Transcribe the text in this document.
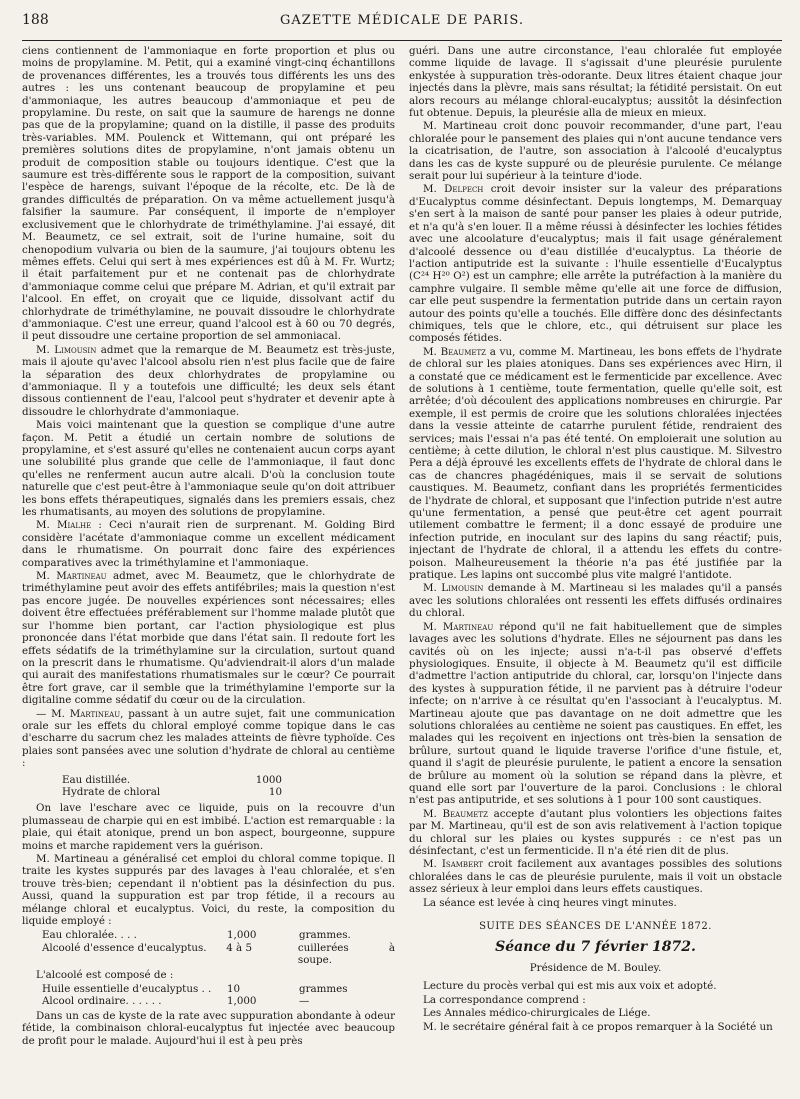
188	GAZETTE MÉDICALE DE PARIS.

ciens contiennent de l'ammoniaque en forte proportion et plus ou moins de propylamine. M. Petit, qui a examiné vingt-cinq échantillons de provenances différentes, les a trouvés tous différents les uns des autres : les uns contenant beaucoup de propylamine et peu d'ammoniaque, les autres beaucoup d'ammoniaque et peu de propylamine. Du reste, on sait que la saumure de harengs ne donne pas que de la propylamine; quand on la distille, il passe des produits très-variables. MM. Poulenck et Wittemann, qui ont préparé les premières solutions dites de propylamine, n'ont jamais obtenu un produit de composition stable ou toujours identique. C'est que la saumure est très-différente sous le rapport de la composition, suivant l'espèce de harengs, suivant l'époque de la récolte, etc. De là de grandes difficultés de préparation. On va même actuellement jusqu'à falsifier la saumure. Par conséquent, il importe de n'employer exclusivement que le chlorhydrate de triméthylamine. J'ai essayé, dit M. Beaumetz, ce sel extrait, soit de l'urine humaine, soit du chenopodium vulvaria ou bien de la saumure, j'ai toujours obtenu les mêmes effets. Celui qui sert à mes expériences est dû à M. Fr. Wurtz; il était parfaitement pur et ne contenait pas de chlorhydrate d'ammoniaque comme celui que prépare M. Adrian, et qu'il extrait par l'alcool. En effet, on croyait que ce liquide, dissolvant actif du chlorhydrate de triméthylamine, ne pouvait dissoudre le chlorhydrate d'ammoniaque. C'est une erreur, quand l'alcool est à 60 ou 70 degrés, il peut dissoudre une certaine proportion de sel ammoniacal.

M. Limousin admet que la remarque de M. Beaumetz est très-juste, mais il ajoute qu'avec l'alcool absolu rien n'est plus facile que de faire la séparation des deux chlorhydrates de propylamine ou d'ammoniaque. Il y a toutefois une difficulté; les deux sels étant dissous contiennent de l'eau, l'alcool peut s'hydrater et devenir apte à dissoudre le chlorhydrate d'ammoniaque.

Mais voici maintenant que la question se complique d'une autre façon. M. Petit a étudié un certain nombre de solutions de propylamine, et s'est assuré qu'elles ne contenaient aucun corps ayant une solubilité plus grande que celle de l'ammoniaque, il faut donc qu'elles ne renferment aucun autre alcali. D'où la conclusion toute naturelle que c'est peut-être à l'ammoniaque seule qu'on doit attribuer les bons effets thérapeutiques, signalés dans les premiers essais, chez les rhumatisants, au moyen des solutions de propylamine.

M. Mialhe : Ceci n'aurait rien de surprenant. M. Golding Bird considère l'acétate d'ammoniaque comme un excellent médicament dans le rhumatisme. On pourrait donc faire des expériences comparatives avec la triméthylamine et l'ammoniaque.

M. Martineau admet, avec M. Beaumetz, que le chlorhydrate de triméthylamine peut avoir des effets antifébriles; mais la question n'est pas encore jugée. De nouvelles expériences sont nécessaires; elles doivent être effectuées préférablement sur l'homme malade plutôt que sur l'homme bien portant, car l'action physiologique est plus prononcée dans l'état morbide que dans l'état sain. Il redoute fort les effets sédatifs de la triméthylamine sur la circulation, surtout quand on la prescrit dans le rhumatisme. Qu'adviendrait-il alors d'un malade qui aurait des manifestations rhumatismales sur le cœur? Ce pourrait être fort grave, car il semble que la triméthylamine l'emporte sur la digitaline comme sédatif du cœur ou de la circulation.

— M. Martineau, passant à un autre sujet, fait une communication orale sur les effets du chloral employé comme topique dans le cas d'escharre du sacrum chez les malades atteints de fièvre typhoïde. Ces plaies sont pansées avec une solution d'hydrate de chloral au centième :

Eau distillée.	1000
Hydrate de chloral	10

On lave l'eschare avec ce liquide, puis on la recouvre d'un plumasseau de charpie qui en est imbibé. L'action est remarquable : la plaie, qui était atonique, prend un bon aspect, bourgeonne, suppure moins et marche rapidement vers la guérison.

M. Martineau a généralisé cet emploi du chloral comme topique. Il traite les kystes suppurés par des lavages à l'eau chloralée, et s'en trouve très-bien; cependant il n'obtient pas la désinfection du pus. Aussi, quand la suppuration est par trop fétide, il a recours au mélange chloral et eucalyptus. Voici, du reste, la composition du liquide employé :

Eau chloralée. . . .	1,000	grammes.
Alcoolé d'essence d'eucalyptus.	4 à 5	cuillerées à soupe.

L'alcoolé est composé de :

Huile essentielle d'eucalyptus . .	10	grammes
Alcool ordinaire. . . . . .	1,000	—

Dans un cas de kyste de la rate avec suppuration abondante à odeur fétide, la combinaison chloral-eucalyptus fut injectée avec beaucoup de profit pour le malade. Aujourd'hui il est à peu près

guéri. Dans une autre circonstance, l'eau chloralée fut employée comme liquide de lavage. Il s'agissait d'une pleurésie purulente enkystée à suppuration très-odorante. Deux litres étaient chaque jour injectés dans la plèvre, mais sans résultat; la fétidité persistait. On eut alors recours au mélange chloral-eucalyptus; aussitôt la désinfection fut obtenue. Depuis, la pleurésie alla de mieux en mieux.

M. Martineau croit donc pouvoir recommander, d'une part, l'eau chloralée pour le pansement des plaies qui n'ont aucune tendance vers la cicatrisation, de l'autre, son association à l'alcoolé d'eucalyptus dans les cas de kyste suppuré ou de pleurésie purulente. Ce mélange serait pour lui supérieur à la teinture d'iode.

M. Delpech croit devoir insister sur la valeur des préparations d'Eucalyptus comme désinfectant. Depuis longtemps, M. Demarquay s'en sert à la maison de santé pour panser les plaies à odeur putride, et n'a qu'à s'en louer. Il a même réussi à désinfecter les lochies fétides avec une alcoolature d'eucalyptus; mais il fait usage généralement d'alcoolé dessence ou d'eau distillée d'eucalyptus. La théorie de l'action antiputride est la suivante : l'huile essentielle d'Eucalyptus (C²⁴ H²⁰ O²) est un camphre; elle arrête la putréfaction à la manière du camphre vulgaire. Il semble même qu'elle ait une force de diffusion, car elle peut suspendre la fermentation putride dans un certain rayon autour des points qu'elle a touchés. Elle diffère donc des désinfectants chimiques, tels que le chlore, etc., qui détruisent sur place les composés fétides.

M. Beaumetz a vu, comme M. Martineau, les bons effets de l'hydrate de chloral sur les plaies atoniques. Dans ses expériences avec Hirn, il a constaté que ce médicament est le fermenticide par excellence. Avec de solutions à 1 centième, toute fermentation, quelle qu'elle soit, est arrêtée; d'où découlent des applications nombreuses en chirurgie. Par exemple, il est permis de croire que les solutions chloralées injectées dans la vessie atteinte de catarrhe purulent fétide, rendraient des services; mais l'essai n'a pas été tenté. On emploierait une solution au centième; à cette dilution, le chloral n'est plus caustique. M. Silvestro Pera a déjà éprouvé les excellents effets de l'hydrate de chloral dans le cas de chancres phagédéniques, mais il se servait de solutions caustiques. M. Beaumetz, confiant dans les propriétés fermenticides de l'hydrate de chloral, et supposant que l'infection putride n'est autre qu'une fermentation, a pensé que peut-être cet agent pourrait utilement combattre le ferment; il a donc essayé de produire une infection putride, en inoculant sur des lapins du sang réactif; puis, injectant de l'hydrate de chloral, il a attendu les effets du contre-poison. Malheureusement la théorie n'a pas été justifiée par la pratique. Les lapins ont succombé plus vite malgré l'antidote.

M. Limousin demande à M. Martineau si les malades qu'il a pansés avec les solutions chloralées ont ressenti les effets diffusés ordinaires du chloral.

M. Martineau répond qu'il ne fait habituellement que de simples lavages avec les solutions d'hydrate. Elles ne séjournent pas dans les cavités où on les injecte; aussi n'a-t-il pas observé d'effets physiologiques. Ensuite, il objecte à M. Beaumetz qu'il est difficile d'admettre l'action antiputride du chloral, car, lorsqu'on l'injecte dans des kystes à suppuration fétide, il ne parvient pas à détruire l'odeur infecte; on n'arrive à ce résultat qu'en l'associant à l'eucalyptus. M. Martineau ajoute que pas davantage on ne doit admettre que les solutions chloralées au centième ne soient pas caustiques. En effet, les malades qui les reçoivent en injections ont très-bien la sensation de brûlure, surtout quand le liquide traverse l'orifice d'une fistule, et, quand il s'agit de pleurésie purulente, le patient a encore la sensation de brûlure au moment où la solution se répand dans la plèvre, et quand elle sort par l'ouverture de la paroi. Conclusions : le chloral n'est pas antiputride, et ses solutions à 1 pour 100 sont caustiques.

M. Beaumetz accepte d'autant plus volontiers les objections faites par M. Martineau, qu'il est de son avis relativement à l'action topique du chloral sur les plaies ou kystes suppurés : ce n'est pas un désinfectant, c'est un fermenticide. Il n'a été rien dit de plus.

M. Isambert croit facilement aux avantages possibles des solutions chloralées dans le cas de pleurésie purulente, mais il voit un obstacle assez sérieux à leur emploi dans leurs effets caustiques.

La séance est levée à cinq heures vingt minutes.

SUITE DES SÉANCES DE L'ANNÉE 1872.
Séance du 7 février 1872.
Présidence de M. Bouley.

Lecture du procès verbal qui est mis aux voix et adopté.

La correspondance comprend :

Les Annales médico-chirurgicales de Liége.

M. le secrétaire général fait à ce propos remarquer à la Société un
